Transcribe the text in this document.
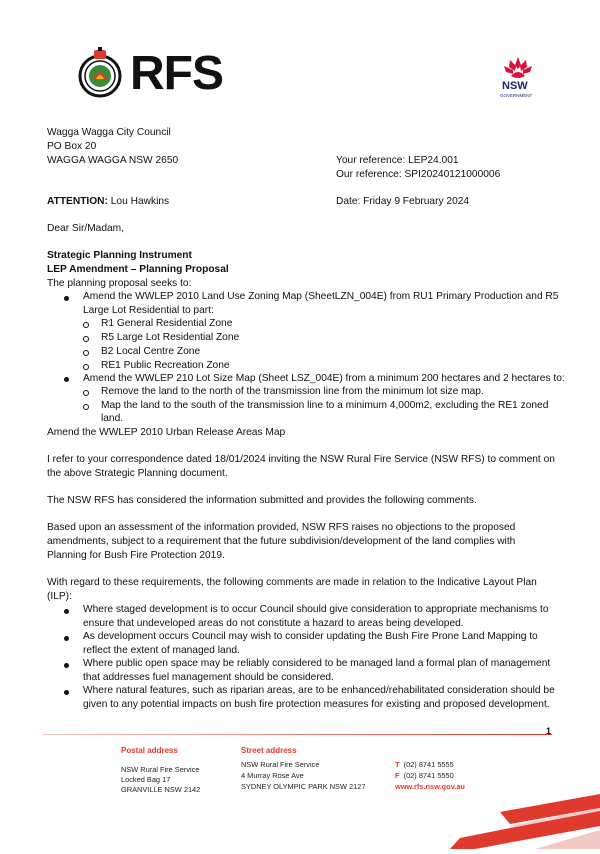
RFS	NSW
GOVERNMENT
Wagga Wagga City Council
PO Box 20
WAGGA WAGGA NSW 2650	Your reference: LEP24.001
Our reference: SPI20240121000006
ATTENTION: Lou Hawkins	Date: Friday 9 February 2024
Dear Sir/Madam,
Strategic Planning Instrument
LEP Amendment – Planning Proposal
The planning proposal seeks to:
Amend the WWLEP 2010 Land Use Zoning Map (SheetLZN_004E) from RU1 Primary Production and R5
Large Lot Residential to part:
R1 General Residential Zone
R5 Large Lot Residential Zone
B2 Local Centre Zone
RE1 Public Recreation Zone
Amend the WWLEP 210 Lot Size Map (Sheet LSZ_004E) from a minimum 200 hectares and 2 hectares to:
Remove the land to the north of the transmission line from the minimum lot size map.
Map the land to the south of the transmission line to a minimum 4,000m2, excluding the RE1 zoned
land.
Amend the WWLEP 2010 Urban Release Areas Map
I refer to your correspondence dated 18/01/2024 inviting the NSW Rural Fire Service (NSW RFS) to comment on
the above Strategic Planning document.
The NSW RFS has considered the information submitted and provides the following comments.
Based upon an assessment of the information provided, NSW RFS raises no objections to the proposed
amendments, subject to a requirement that the future subdivision/development of the land complies with
Planning for Bush Fire Protection 2019.
With regard to these requirements, the following comments are made in relation to the Indicative Layout Plan
(ILP):
Where staged development is to occur Council should give consideration to appropriate mechanisms to
ensure that undeveloped areas do not constitute a hazard to areas being developed.
As development occurs Council may wish to consider updating the Bush Fire Prone Land Mapping to
reflect the extent of managed land.
Where public open space may be reliably considered to be managed land a formal plan of management
that addresses fuel management should be considered.
Where natural features, such as riparian areas, are to be enhanced/rehabilitated consideration should be
given to any potential impacts on bush fire protection measures for existing and proposed development.
1
Postal address
NSW Rural Fire Service
Locked Bag 17
GRANVILLE NSW 2142
Street address
NSW Rural Fire Service
4 Murray Rose Ave
SYDNEY OLYMPIC PARK NSW 2127
T (02) 8741 5555
F (02) 8741 5550
www.rfs.nsw.gov.au
